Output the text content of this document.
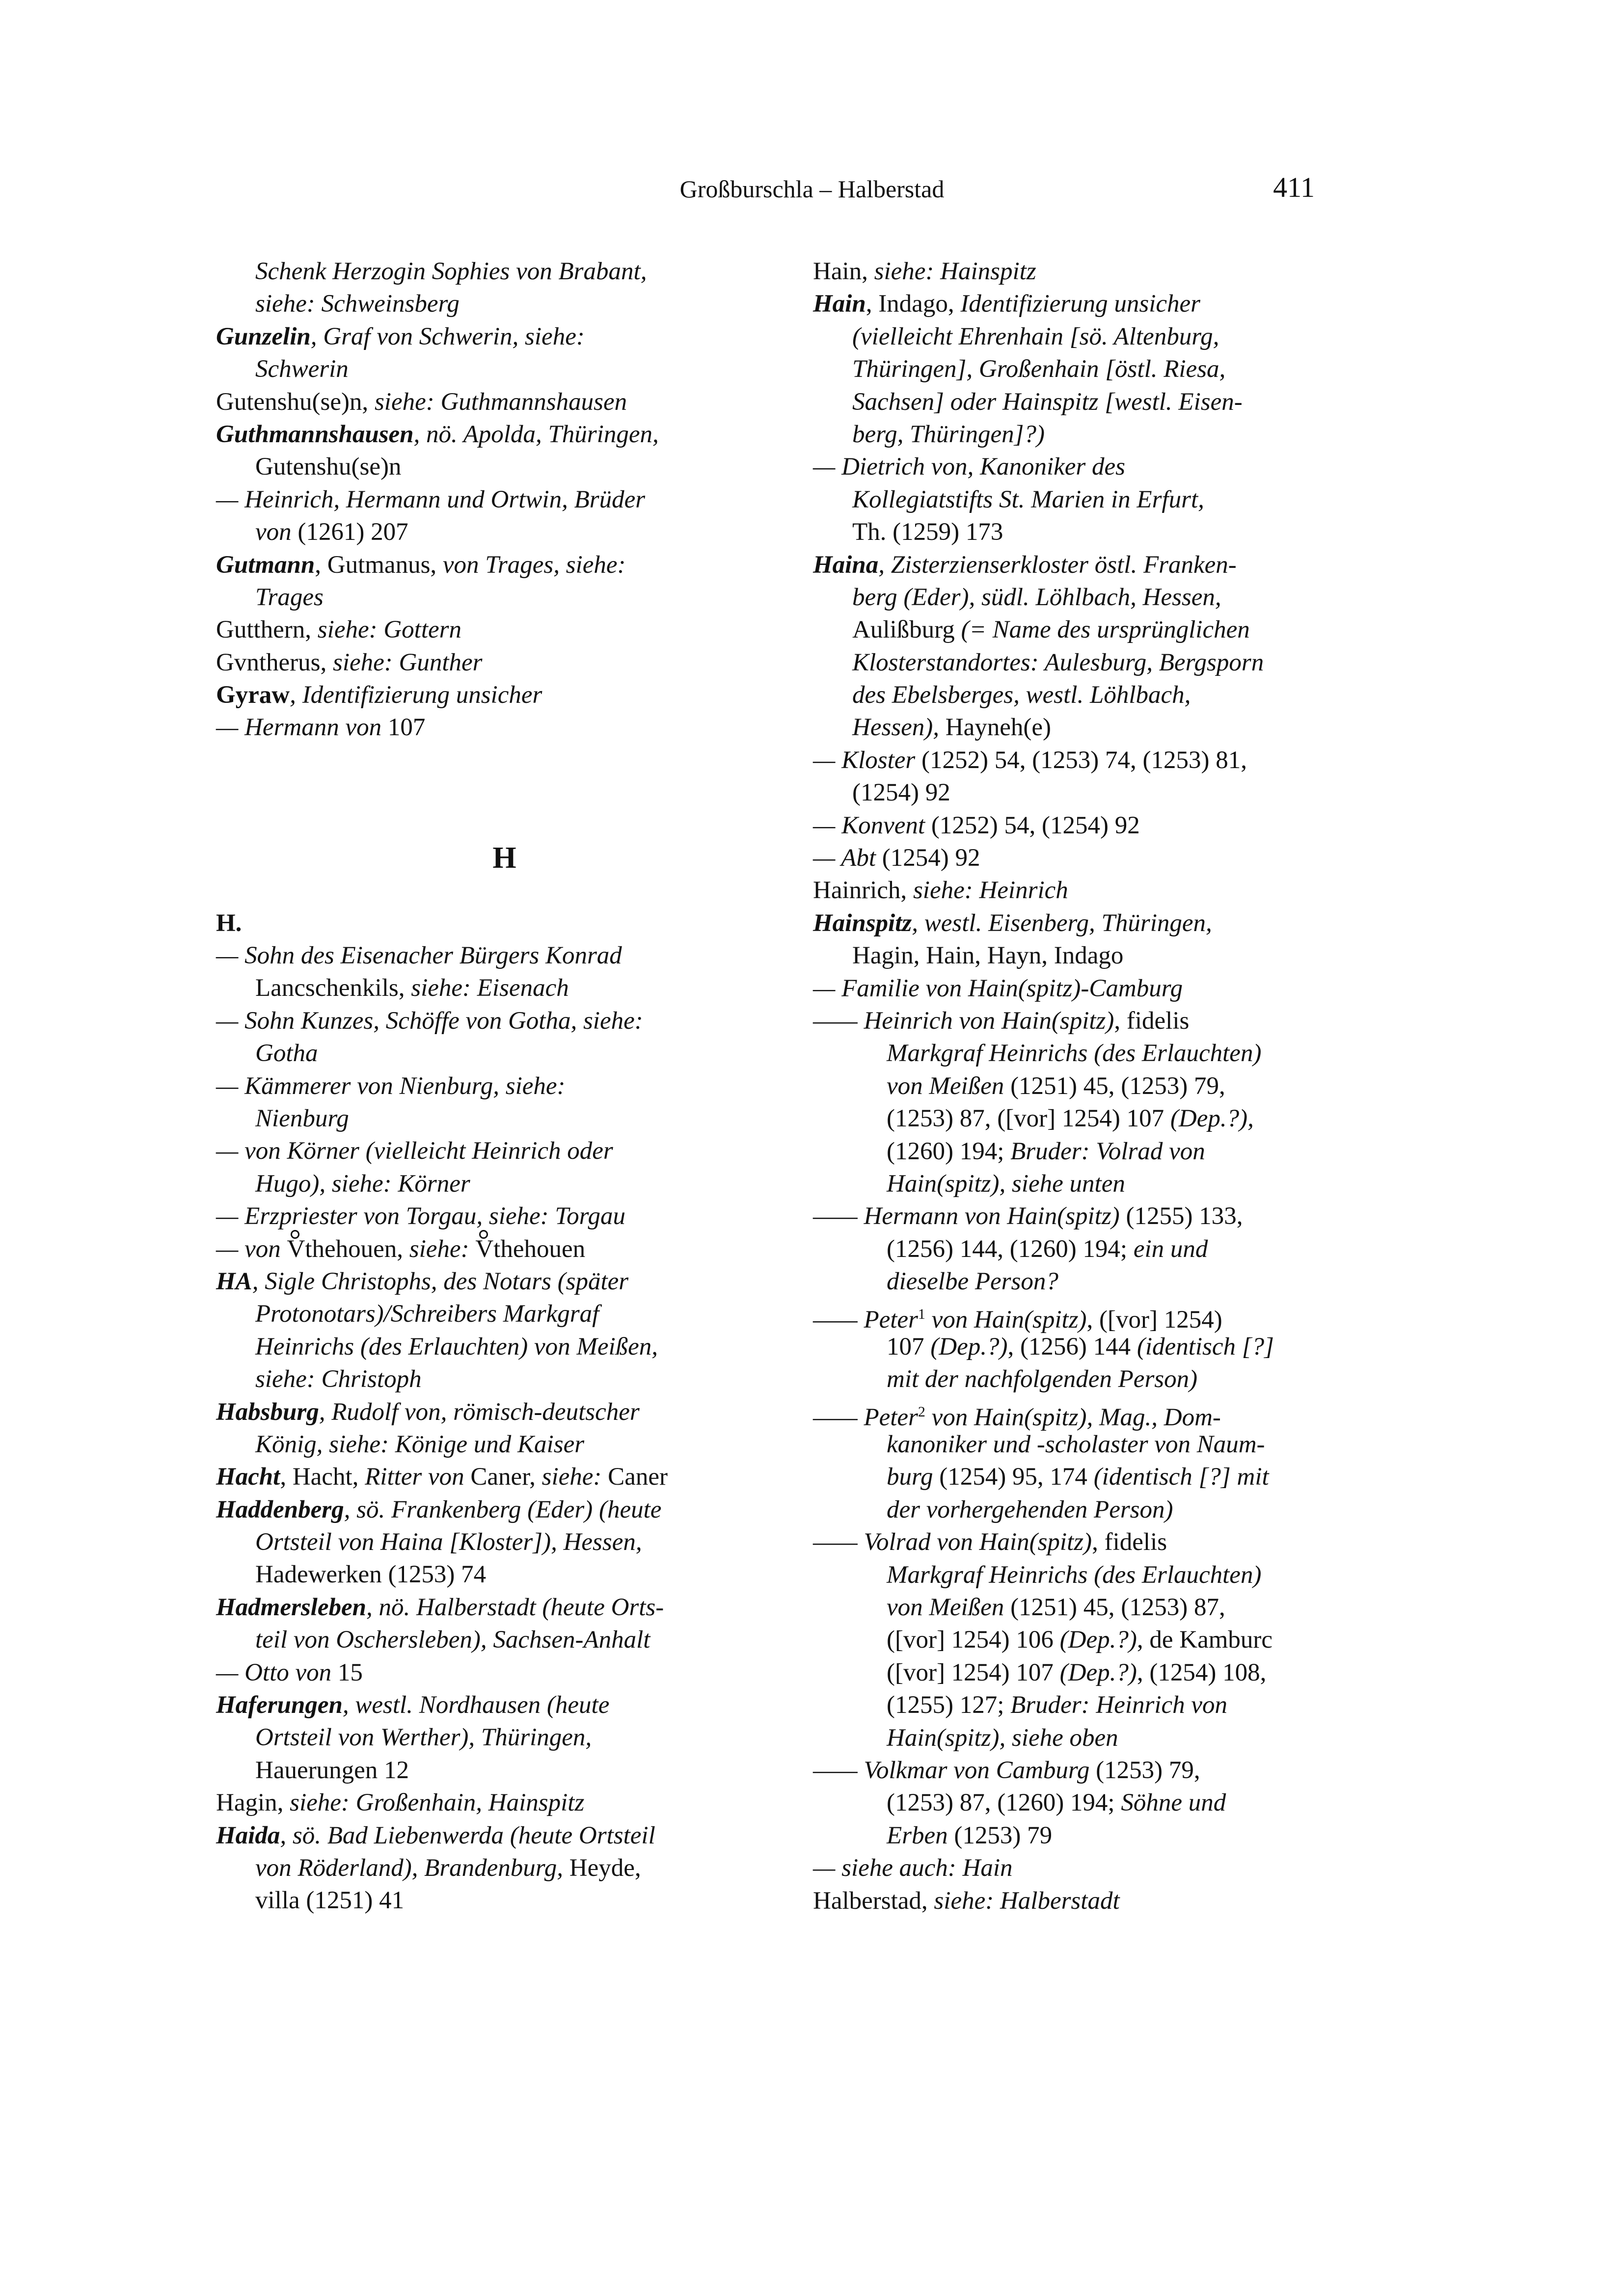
Großburschla – Halberstad	411
Schenk Herzogin Sophies von Brabant,
siehe: Schweinsberg
Gunzelin, Graf von Schwerin, siehe:
Schwerin
Gutenshu(se)n, siehe: Guthmannshausen
Guthmannshausen, nö. Apolda, Thüringen,
Gutenshu(se)n
— Heinrich, Hermann und Ortwin, Brüder
von (1261) 207
Gutmann, Gutmanus, von Trages, siehe:
Trages
Gutthern, siehe: Gottern
Gvntherus, siehe: Gunther
Gyraw, Identifizierung unsicher
— Hermann von 107
H
H.
— Sohn des Eisenacher Bürgers Konrad
Lancschenkils, siehe: Eisenach
— Sohn Kunzes, Schöffe von Gotha, siehe:
Gotha
— Kämmerer von Nienburg, siehe:
Nienburg
— von Körner (vielleicht Heinrich oder
Hugo), siehe: Körner
— Erzpriester von Torgau, siehe: Torgau
— von Vthehouen, siehe: Vthehouen
HA, Sigle Christophs, des Notars (später
Protonotars)/Schreibers Markgraf
Heinrichs (des Erlauchten) von Meißen,
siehe: Christoph
Habsburg, Rudolf von, römisch-deutscher
König, siehe: Könige und Kaiser
Hacht, Hacht, Ritter von Caner, siehe: Caner
Haddenberg, sö. Frankenberg (Eder) (heute
Ortsteil von Haina [Kloster]), Hessen,
Hadewerken (1253) 74
Hadmersleben, nö. Halberstadt (heute Orts-
teil von Oschersleben), Sachsen-Anhalt
— Otto von 15
Haferungen, westl. Nordhausen (heute
Ortsteil von Werther), Thüringen,
Hauerungen 12
Hagin, siehe: Großenhain, Hainspitz
Haida, sö. Bad Liebenwerda (heute Ortsteil
von Röderland), Brandenburg, Heyde,
villa (1251) 41
Hain, siehe: Hainspitz
Hain, Indago, Identifizierung unsicher
(vielleicht Ehrenhain [sö. Altenburg,
Thüringen], Großenhain [östl. Riesa,
Sachsen] oder Hainspitz [westl. Eisen-
berg, Thüringen]?)
— Dietrich von, Kanoniker des
Kollegiatstifts St. Marien in Erfurt,
Th. (1259) 173
Haina, Zisterzienserkloster östl. Franken-
berg (Eder), südl. Löhlbach, Hessen,
Aulißburg (= Name des ursprünglichen
Klosterstandortes: Aulesburg, Bergsporn
des Ebelsberges, westl. Löhlbach,
Hessen), Hayneh(e)
— Kloster (1252) 54, (1253) 74, (1253) 81,
(1254) 92
— Konvent (1252) 54, (1254) 92
— Abt (1254) 92
Hainrich, siehe: Heinrich
Hainspitz, westl. Eisenberg, Thüringen,
Hagin, Hain, Hayn, Indago
— Familie von Hain(spitz)-Camburg
—— Heinrich von Hain(spitz), fidelis
Markgraf Heinrichs (des Erlauchten)
von Meißen (1251) 45, (1253) 79,
(1253) 87, ([vor] 1254) 107 (Dep.?),
(1260) 194; Bruder: Volrad von
Hain(spitz), siehe unten
—— Hermann von Hain(spitz) (1255) 133,
(1256) 144, (1260) 194; ein und
dieselbe Person?
—— Peter$^1$ von Hain(spitz), ([vor] 1254)
107 (Dep.?), (1256) 144 (identisch [?]
mit der nachfolgenden Person)
—— Peter$^2$ von Hain(spitz), Mag., Dom-
kanoniker und -scholaster von Naum-
burg (1254) 95, 174 (identisch [?] mit
der vorhergehenden Person)
—— Volrad von Hain(spitz), fidelis
Markgraf Heinrichs (des Erlauchten)
von Meißen (1251) 45, (1253) 87,
([vor] 1254) 106 (Dep.?), de Kamburc
([vor] 1254) 107 (Dep.?), (1254) 108,
(1255) 127; Bruder: Heinrich von
Hain(spitz), siehe oben
—— Volkmar von Camburg (1253) 79,
(1253) 87, (1260) 194; Söhne und
Erben (1253) 79
— siehe auch: Hain
Halberstad, siehe: Halberstadt
